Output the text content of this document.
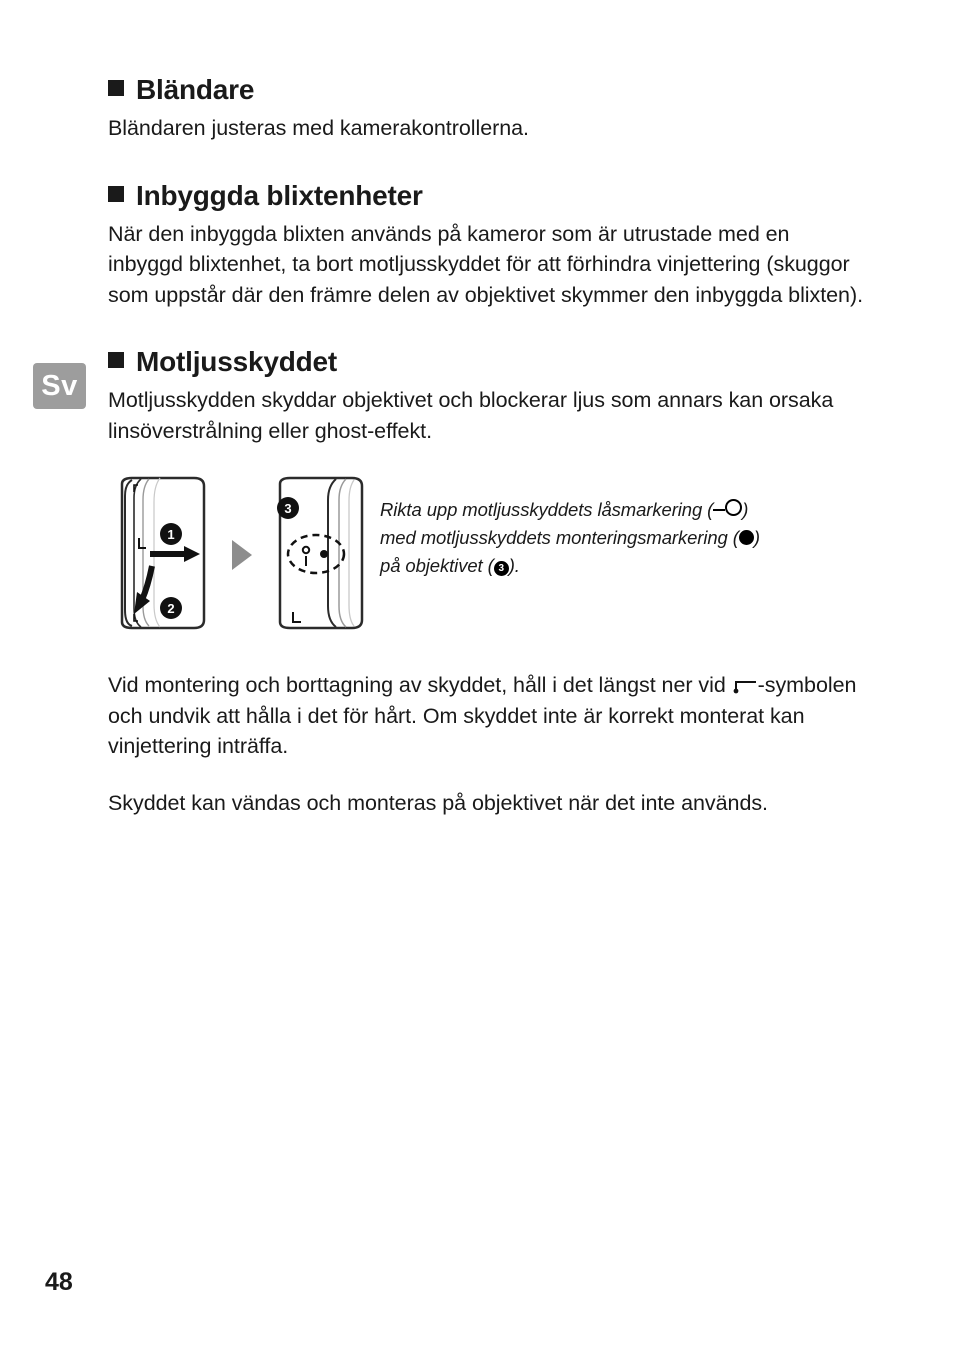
Sv
Bländare

Bländaren justeras med kamerakontrollerna.

Inbyggda blixtenheter

När den inbyggda blixten används på kameror som är utrustade med en inbyggd blixtenhet, ta bort motljusskyddet för att förhindra vinjettering (skuggor som uppstår där den främre delen av objektivet skymmer den inbyggda blixten).

Motljusskyddet

Motljusskydden skyddar objektivet och blockerar ljus som annars kan orsaka linsöverstrålning eller ghost-effekt.

1
2
3	Rikta upp motljusskyddets låsmarkering ( )
med motljusskyddets monteringsmarkering ( )
på objektivet ( 3 ).

Vid montering och borttagning av skyddet, håll i det längst ner vid -symbolen och undvik att hålla i det för hårt. Om skyddet inte är korrekt monterat kan vinjettering inträffa.

Skyddet kan vändas och monteras på objektivet när det inte används.

48
